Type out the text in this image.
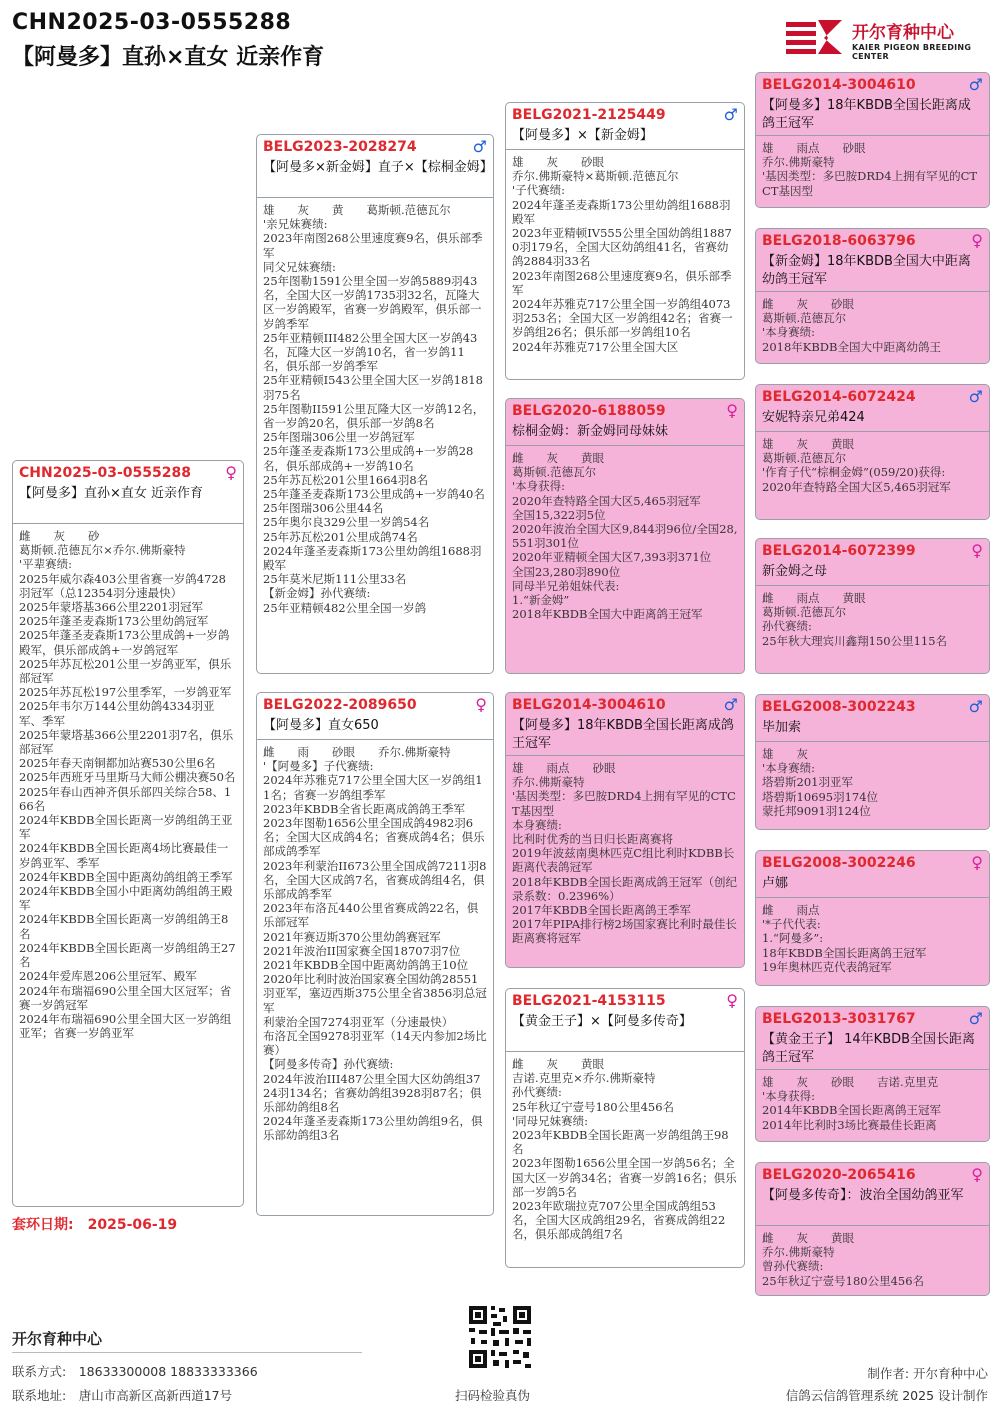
CHN2025-03-0555288
【阿曼多】直孙×直女 近亲作育
开尔育种中心
KAIER PIGEON BREEDING CENTER
CHN2025-03-0555288 ♀
【阿曼多】直孙×直女 近亲作育
雌　　灰　　砂
葛斯顿.范德瓦尔×乔尔.佛斯豪特
'平辈赛绩:
2025年威尔森403公里省赛一岁鸽4728羽冠军（总12354羽分速最快）
2025年蒙塔基366公里2201羽冠军
2025年蓬圣麦森斯173公里幼鸽冠军
2025年蓬圣麦森斯173公里成鸽+一岁鸽殿军，俱乐部成鸽+一岁鸽冠军
2025年苏瓦松201公里一岁鸽亚军，俱乐部冠军
2025年苏瓦松197公里季军，一岁鸽亚军
2025年韦尔万144公里幼鸽4334羽亚军、季军
2025年蒙塔基366公里2201羽7名，俱乐部冠军
2025年春天南铜都加站赛530公里6名
2025年西班牙马里斯马大师公棚决赛50名
2025年春山西神齐俱乐部四关综合58、166名
2024年KBDB全国长距离一岁鸽组鸽王亚军
2024年KBDB全国长距离4场比赛最佳一岁鸽亚军、季军
2024年KBDB全国中距离幼鸽组鸽王季军
2024年KBDB全国小中距离幼鸽组鸽王殿军
2024年KBDB全国长距离一岁鸽组鸽王8名
2024年KBDB全国长距离一岁鸽组鸽王27名
2024年爱库恩206公里冠军、殿军
2024年布瑞福690公里全国大区冠军；省赛一岁鸽冠军
2024年布瑞福690公里全国大区一岁鸽组亚军；省赛一岁鸽亚军
BELG2023-2028274	♂
【阿曼多×新金姆】直子×【棕桐金姆】
雄　　灰　　黄　　葛斯顿.范德瓦尔
'亲兄妹赛绩:
2023年南图268公里速度赛9名，俱乐部季军
同父兄妹赛绩:
25年图勒1591公里全国一岁鸽5889羽43名，全国大区一岁鸽1735羽32名，瓦隆大区一岁鸽殿军，省赛一岁鸽殿军，俱乐部一岁鸽季军
25年亚精顿III482公里全国大区一岁鸽43名，瓦隆大区一岁鸽10名，省一岁鸽11名，俱乐部一岁鸽季军
25年亚精顿I543公里全国大区一岁鸽1818羽75名
25年图勒II591公里瓦隆大区一岁鸽12名，省一岁鸽20名，俱乐部一岁鸽8名
25年图瑞306公里一岁鸽冠军
25年蓬圣麦森斯173公里成鸽+一岁鸽28名，俱乐部成鸽+一岁鸽10名
25年苏瓦松201公里1664羽8名
25年蓬圣麦森斯173公里成鸽+一岁鸽40名
25年图瑞306公里44名
25年奥尔良329公里一岁鸽54名
25年苏瓦松201公里成鸽74名
2024年蓬圣麦森斯173公里幼鸽组1688羽殿军
25年莫米尼斯111公里33名
【新金姆】孙代赛绩:
25年亚精顿482公里全国一岁鸽
BELG2022-2089650	♀
【阿曼多】直女650
雌　　雨　　砂眼　　乔尔.佛斯豪特
'【阿曼多】子代赛绩:
2024年苏雅克717公里全国大区一岁鸽组11名；省赛一岁鸽组季军
2023年KBDB全省长距离成鸽鸽王季军
2023年图勒1656公里全国成鸽4982羽6名；全国大区成鸽4名；省赛成鸽4名；俱乐部成鸽季军
2023年利蒙治II673公里全国成鸽7211羽8名，全国大区成鸽7名，省赛成鸽组4名，俱乐部成鸽季军
2023年布洛瓦440公里省赛成鸽22名，俱乐部冠军
2021年赛迈斯370公里幼鸽赛冠军
2021年波治II国家赛全国18707羽7位
2021年KBDB全国中距离幼鸽鸽王10位
2020年比利时波治国家赛全国幼鸽28551羽亚军，塞迈西斯375公里全省3856羽总冠军
利蒙治全国7274羽亚军（分速最快）
布洛瓦全国9278羽亚军（14天内参加2场比赛）
【阿曼多传奇】孙代赛绩:
2024年波治III487公里全国大区幼鸽组3724羽134名；省赛幼鸽组3928羽87名；俱乐部幼鸽组8名
2024年蓬圣麦森斯173公里幼鸽组9名，俱乐部幼鸽组3名
BELG2021-2125449	♂
【阿曼多】×【新金姆】
雄　　灰　　砂眼
乔尔.佛斯豪特×葛斯顿.范德瓦尔
'子代赛绩:
2024年蓬圣麦森斯173公里幼鸽组1688羽殿军
2023年亚精顿IV555公里全国幼鸽组18870羽179名，全国大区幼鸽组41名，省赛幼鸽2884羽33名
2023年南图268公里速度赛9名，俱乐部季军
2024年苏雅克717公里全国一岁鸽组4073羽253名；全国大区一岁鸽组42名；省赛一岁鸽组26名；俱乐部一岁鸽组10名
2024年苏雅克717公里全国大区
BELG2020-6188059	♀
棕桐金姆：新金姆同母妹妹
雌　　灰　　黄眼
葛斯顿.范德瓦尔
'本身获得:
2020年查特路全国大区5,465羽冠军
全国15,322羽5位
2020年波治全国大区9,844羽96位/全国28,551羽301位
2020年亚精顿全国大区7,393羽371位
全国23,280羽890位
同母半兄弟姐妹代表:
1.“新金姆”
2018年KBDB全国大中距离鸽王冠军
BELG2014-3004610	♂
【阿曼多】18年KBDB全国长距离成鸽王冠军
雄　　雨点　　砂眼
乔尔.佛斯豪特
'基因类型：多巴胺DRD4上拥有罕见的CTCT基因型
本身赛绩:
比利时优秀的当日归长距离赛将
2019年波兹南奥林匹克C组比利时KDBB长距离代表鸽冠军
2018年KBDB全国长距离成鸽王冠军（创纪录系数：0.2396%）
2017年KBDB全国长距离鸽王季军
2017年PIPA排行榜2场国家赛比利时最佳长距离赛将冠军
BELG2021-4153115	♀
【黄金王子】×【阿曼多传奇】
雌　　灰　　黄眼
吉诺.克里克×乔尔.佛斯豪特
孙代赛绩:
25年秋辽宁壹号180公里456名
'同母兄妹赛绩:
2023年KBDB全国长距离一岁鸽组鸽王98名
2023年图勒1656公里全国一岁鸽56名；全国大区一岁鸽34名；省赛一岁鸽16名；俱乐部一岁鸽5名
2023年欧瑞拉克707公里全国成鸽组53名，全国大区成鸽组29名，省赛成鸽组22名，俱乐部成鸽组7名
BELG2014-3004610	♂
【阿曼多】18年KBDB全国长距离成鸽王冠军
雄　　雨点　　砂眼
乔尔.佛斯豪特
'基因类型：多巴胺DRD4上拥有罕见的CTCT基因型
BELG2018-6063796	♀
【新金姆】18年KBDB全国大中距离幼鸽王冠军
雌　　灰　　砂眼
葛斯顿.范德瓦尔
'本身赛绩:
2018年KBDB全国大中距离幼鸽王
BELG2014-6072424	♂
安妮特亲兄弟424
雄　　灰　　黄眼
葛斯顿.范德瓦尔
'作育子代“棕桐金姆”(059/20)获得:
2020年查特路全国大区5,465羽冠军
BELG2014-6072399	♀
新金姆之母
雌　　雨点　　黄眼
葛斯顿.范德瓦尔
孙代赛绩:
25年秋大理宾川鑫翔150公里115名
BELG2008-3002243	♂
毕加索
雄　　灰
'本身赛绩:
塔碧斯201羽亚军
塔碧斯10695羽174位
蒙托邦9091羽124位
BELG2008-3002246	♀
卢娜
雌　　雨点
'*子代代表:
1.“阿曼多”:
18年KBDB全国长距离鸽王冠军
19年奥林匹克代表鸽冠军
BELG2013-3031767	♂
【黄金王子】 14年KBDB全国长距离鸽王冠军
雄　　灰　　砂眼　　吉诺.克里克
'本身获得:
2014年KBDB全国长距离鸽王冠军
2014年比利时3场比赛最佳长距离
BELG2020-2065416	♀
【阿曼多传奇】：波治全国幼鸽亚军
雌　　灰　　黄眼
乔尔.佛斯豪特
曾孙代赛绩:
25年秋辽宁壹号180公里456名
套环日期:　2025-06-19
开尔育种中心
联系方式:　18633300008 18833333366
联系地址:　唐山市高新区高新西道17号	扫码检验真伪
制作者: 开尔育种中心
信鸽云信鸽管理系统 2025 设计制作
